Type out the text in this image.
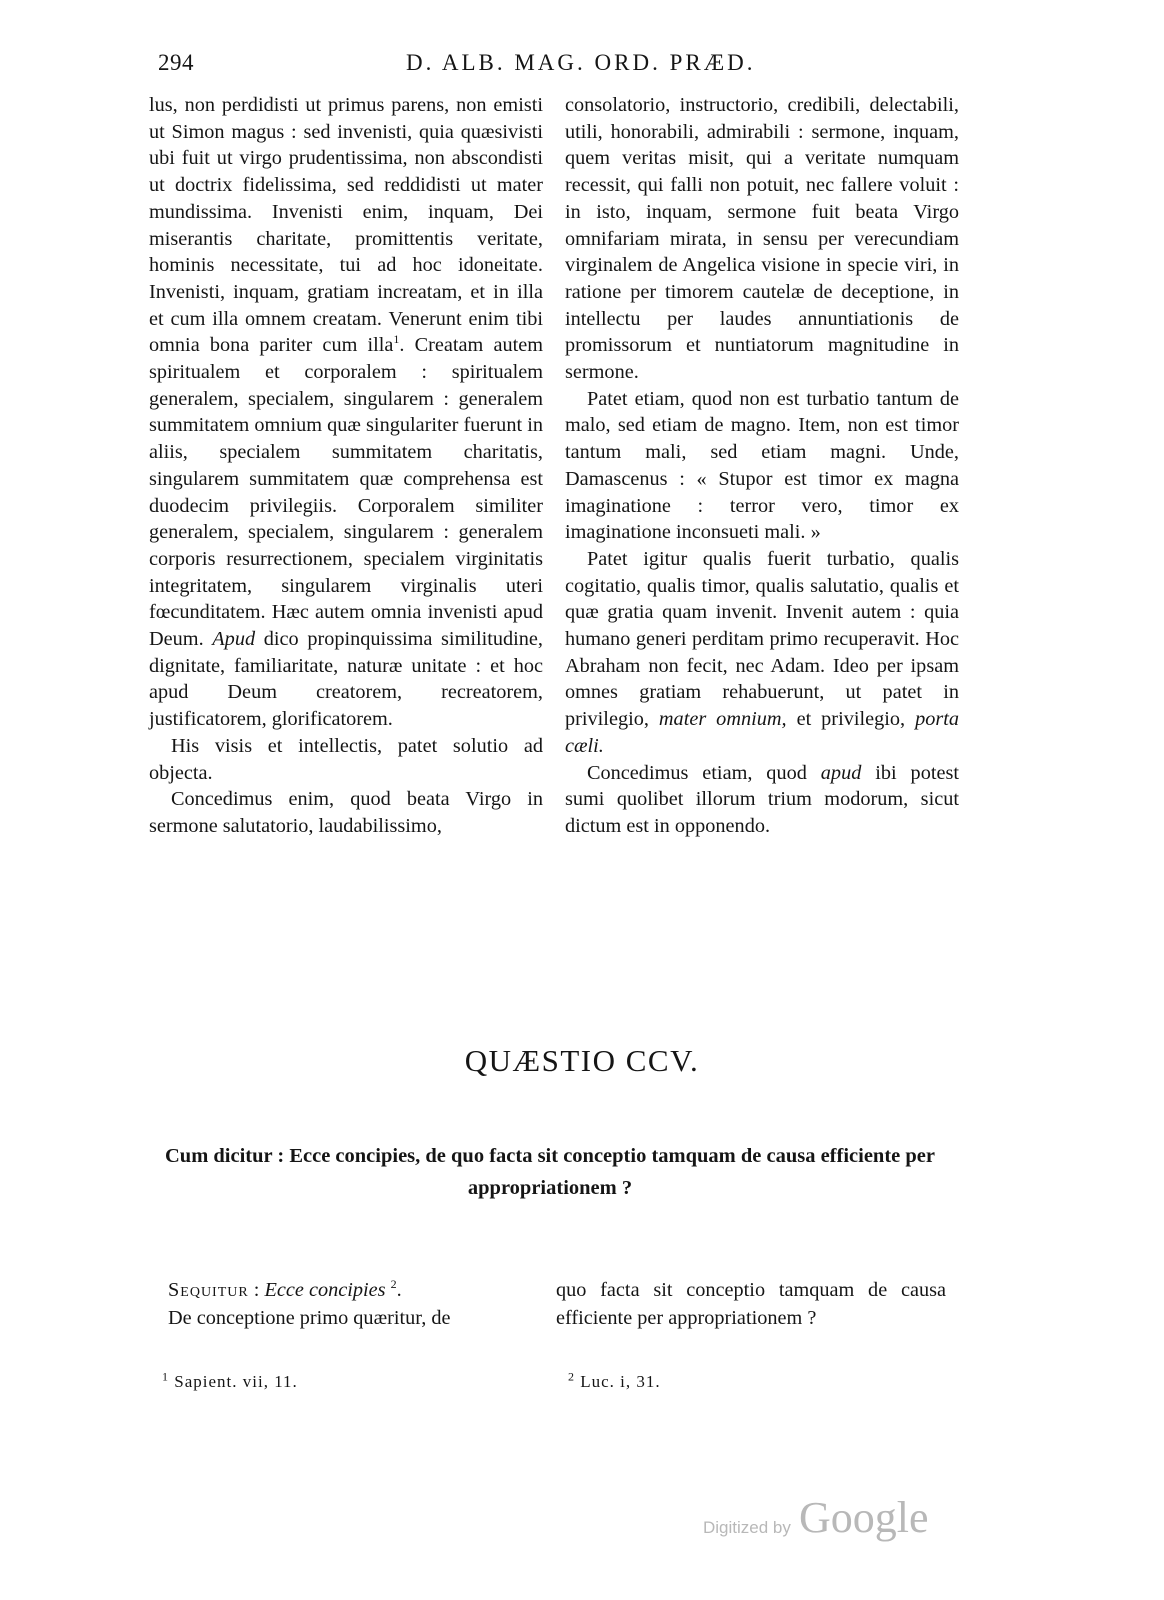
294	D. ALB. MAG. ORD. PRÆD.

lus, non perdidisti ut primus parens, non emisti ut Simon magus : sed invenisti, quia quæsivisti ubi fuit ut virgo prudentissima, non abscondisti ut doctrix fidelissima, sed reddidisti ut mater mundissima. Invenisti enim, inquam, Dei miserantis charitate, promittentis veritate, hominis necessitate, tui ad hoc idoneitate. Invenisti, inquam, gratiam increatam, et in illa et cum illa omnem creatam. Venerunt enim tibi omnia bona pariter cum illa$^1$. Creatam autem spiritualem et corporalem : spiritualem generalem, specialem, singularem : generalem summitatem omnium quæ singulariter fuerunt in aliis, specialem summitatem charitatis, singularem summitatem quæ comprehensa est duodecim privilegiis. Corporalem similiter generalem, specialem, singularem : generalem corporis resurrectionem, specialem virginitatis integritatem, singularem virginalis uteri fœcunditatem. Hæc autem omnia invenisti apud Deum. Apud dico propinquissima similitudine, dignitate, familiaritate, naturæ unitate : et hoc apud Deum creatorem, recreatorem, justificatorem, glorificatorem.

His visis et intellectis, patet solutio ad objecta.

Concedimus enim, quod beata Virgo in sermone salutatorio, laudabilissimo,

consolatorio, instructorio, credibili, delectabili, utili, honorabili, admirabili : sermone, inquam, quem veritas misit, qui a veritate numquam recessit, qui falli non potuit, nec fallere voluit : in isto, inquam, sermone fuit beata Virgo omnifariam mirata, in sensu per verecundiam virginalem de Angelica visione in specie viri, in ratione per timorem cautelæ de deceptione, in intellectu per laudes annuntiationis de promissorum et nuntiatorum magnitudine in sermone.

Patet etiam, quod non est turbatio tantum de malo, sed etiam de magno. Item, non est timor tantum mali, sed etiam magni. Unde, Damascenus : « Stupor est timor ex magna imaginatione : terror vero, timor ex imaginatione inconsueti mali. »

Patet igitur qualis fuerit turbatio, qualis cogitatio, qualis timor, qualis salutatio, qualis et quæ gratia quam invenit. Invenit autem : quia humano generi perditam primo recuperavit. Hoc Abraham non fecit, nec Adam. Ideo per ipsam omnes gratiam rehabuerunt, ut patet in privilegio, mater omnium, et privilegio, porta cæli.

Concedimus etiam, quod apud ibi potest sumi quolibet illorum trium modorum, sicut dictum est in opponendo.

QUÆSTIO CCV.
Cum dicitur : Ecce concipies, de quo facta sit conceptio tamquam de causa efficiente per appropriationem ?

Sequitur : Ecce concipies $^2$.

De conceptione primo quæritur, de

quo facta sit conceptio tamquam de causa efficiente per appropriationem ?

$^1$ Sapient. vii, 11.	$^2$ Luc. i, 31.
Digitized by Google
